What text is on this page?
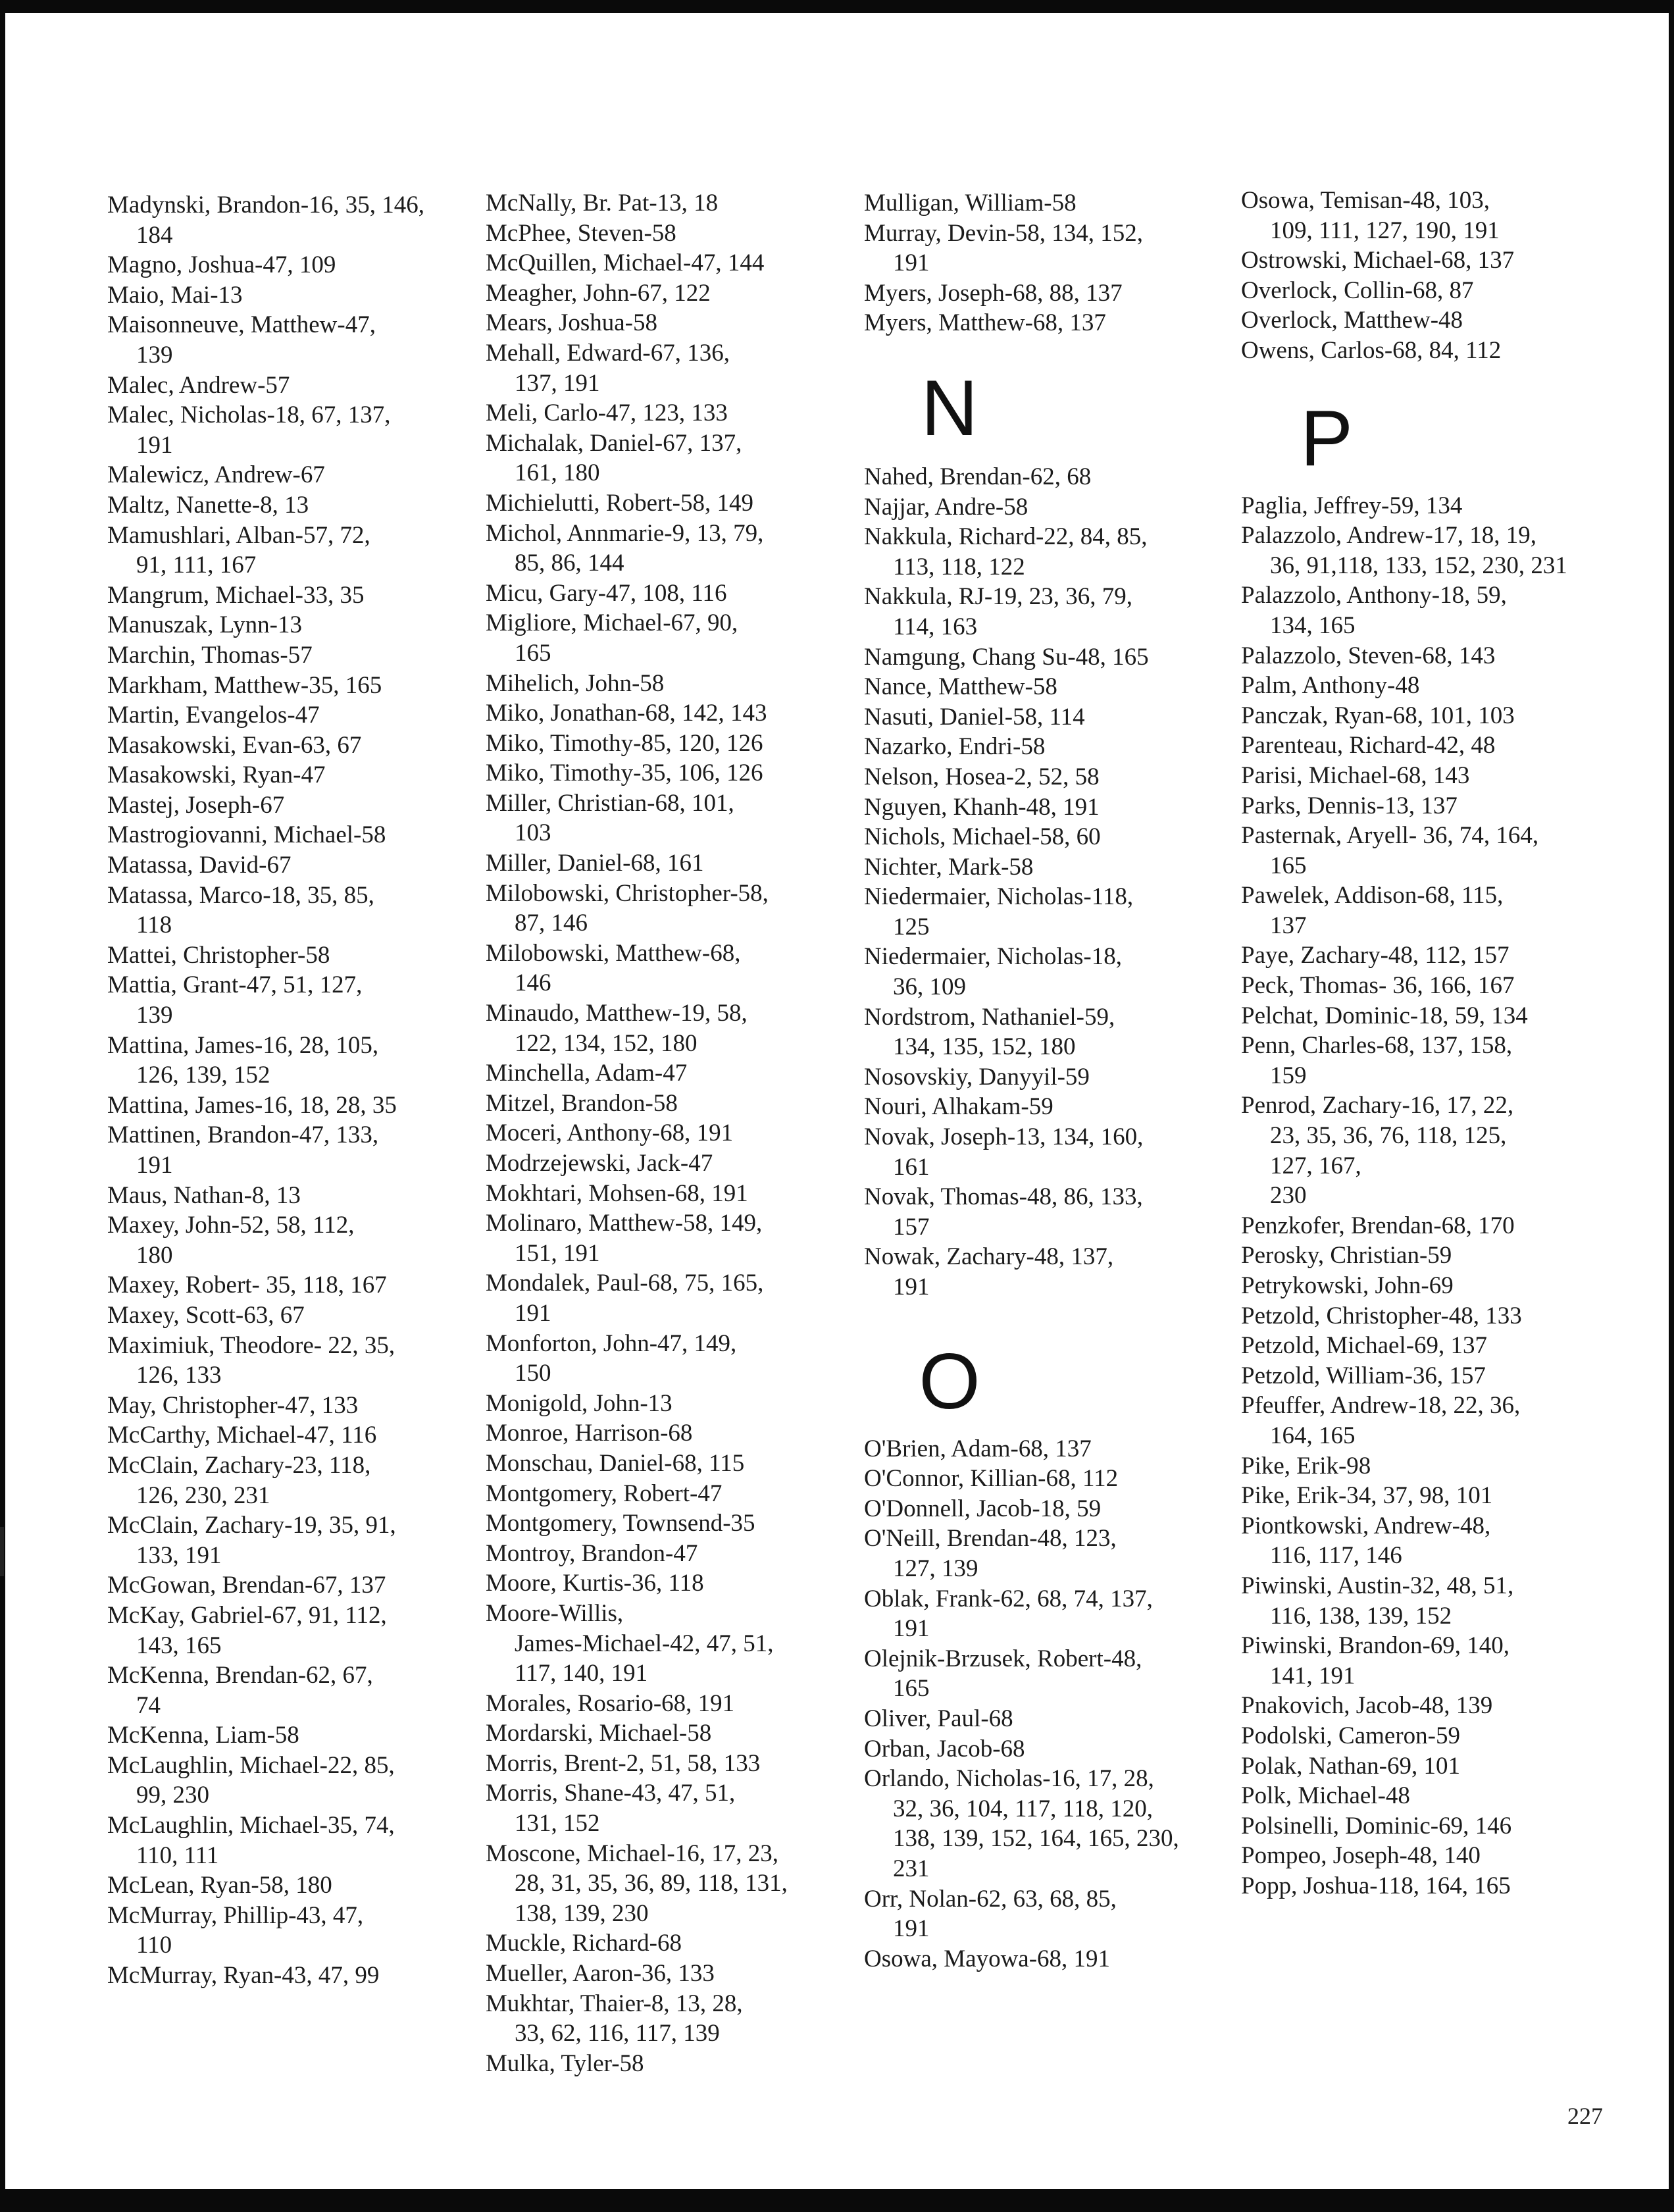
Madynski, Brandon-16, 35, 146,
184
Magno, Joshua-47, 109
Maio, Mai-13
Maisonneuve, Matthew-47,
139
Malec, Andrew-57
Malec, Nicholas-18, 67, 137,
191
Malewicz, Andrew-67
Maltz, Nanette-8, 13
Mamushlari, Alban-57, 72,
91, 111, 167
Mangrum, Michael-33, 35
Manuszak, Lynn-13
Marchin, Thomas-57
Markham, Matthew-35, 165
Martin, Evangelos-47
Masakowski, Evan-63, 67
Masakowski, Ryan-47
Mastej, Joseph-67
Mastrogiovanni, Michael-58
Matassa, David-67
Matassa, Marco-18, 35, 85,
118
Mattei, Christopher-58
Mattia, Grant-47, 51, 127,
139
Mattina, James-16, 28, 105,
126, 139, 152
Mattina, James-16, 18, 28, 35
Mattinen, Brandon-47, 133,
191
Maus, Nathan-8, 13
Maxey, John-52, 58, 112,
180
Maxey, Robert- 35, 118, 167
Maxey, Scott-63, 67
Maximiuk, Theodore- 22, 35,
126, 133
May, Christopher-47, 133
McCarthy, Michael-47, 116
McClain, Zachary-23, 118,
126, 230, 231
McClain, Zachary-19, 35, 91,
133, 191
McGowan, Brendan-67, 137
McKay, Gabriel-67, 91, 112,
143, 165
McKenna, Brendan-62, 67,
74
McKenna, Liam-58
McLaughlin, Michael-22, 85,
99, 230
McLaughlin, Michael-35, 74,
110, 111
McLean, Ryan-58, 180
McMurray, Phillip-43, 47,
110
McMurray, Ryan-43, 47, 99
McNally, Br. Pat-13, 18
McPhee, Steven-58
McQuillen, Michael-47, 144
Meagher, John-67, 122
Mears, Joshua-58
Mehall, Edward-67, 136,
137, 191
Meli, Carlo-47, 123, 133
Michalak, Daniel-67, 137,
161, 180
Michielutti, Robert-58, 149
Michol, Annmarie-9, 13, 79,
85, 86, 144
Micu, Gary-47, 108, 116
Migliore, Michael-67, 90,
165
Mihelich, John-58
Miko, Jonathan-68, 142, 143
Miko, Timothy-85, 120, 126
Miko, Timothy-35, 106, 126
Miller, Christian-68, 101,
103
Miller, Daniel-68, 161
Milobowski, Christopher-58,
87, 146
Milobowski, Matthew-68,
146
Minaudo, Matthew-19, 58,
122, 134, 152, 180
Minchella, Adam-47
Mitzel, Brandon-58
Moceri, Anthony-68, 191
Modrzejewski, Jack-47
Mokhtari, Mohsen-68, 191
Molinaro, Matthew-58, 149,
151, 191
Mondalek, Paul-68, 75, 165,
191
Monforton, John-47, 149,
150
Monigold, John-13
Monroe, Harrison-68
Monschau, Daniel-68, 115
Montgomery, Robert-47
Montgomery, Townsend-35
Montroy, Brandon-47
Moore, Kurtis-36, 118
Moore-Willis,
James-Michael-42, 47, 51,
117, 140, 191
Morales, Rosario-68, 191
Mordarski, Michael-58
Morris, Brent-2, 51, 58, 133
Morris, Shane-43, 47, 51,
131, 152
Moscone, Michael-16, 17, 23,
28, 31, 35, 36, 89, 118, 131,
138, 139, 230
Muckle, Richard-68
Mueller, Aaron-36, 133
Mukhtar, Thaier-8, 13, 28,
33, 62, 116, 117, 139
Mulka, Tyler-58
Mulligan, William-58
Murray, Devin-58, 134, 152,
191
Myers, Joseph-68, 88, 137
Myers, Matthew-68, 137
N
Nahed, Brendan-62, 68
Najjar, Andre-58
Nakkula, Richard-22, 84, 85,
113, 118, 122
Nakkula, RJ-19, 23, 36, 79,
114, 163
Namgung, Chang Su-48, 165
Nance, Matthew-58
Nasuti, Daniel-58, 114
Nazarko, Endri-58
Nelson, Hosea-2, 52, 58
Nguyen, Khanh-48, 191
Nichols, Michael-58, 60
Nichter, Mark-58
Niedermaier, Nicholas-118,
125
Niedermaier, Nicholas-18,
36, 109
Nordstrom, Nathaniel-59,
134, 135, 152, 180
Nosovskiy, Danyyil-59
Nouri, Alhakam-59
Novak, Joseph-13, 134, 160,
161
Novak, Thomas-48, 86, 133,
157
Nowak, Zachary-48, 137,
191
O
O'Brien, Adam-68, 137
O'Connor, Killian-68, 112
O'Donnell, Jacob-18, 59
O'Neill, Brendan-48, 123,
127, 139
Oblak, Frank-62, 68, 74, 137,
191
Olejnik-Brzusek, Robert-48,
165
Oliver, Paul-68
Orban, Jacob-68
Orlando, Nicholas-16, 17, 28,
32, 36, 104, 117, 118, 120,
138, 139, 152, 164, 165, 230,
231
Orr, Nolan-62, 63, 68, 85,
191
Osowa, Mayowa-68, 191
Osowa, Temisan-48, 103,
109, 111, 127, 190, 191
Ostrowski, Michael-68, 137
Overlock, Collin-68, 87
Overlock, Matthew-48
Owens, Carlos-68, 84, 112
P
Paglia, Jeffrey-59, 134
Palazzolo, Andrew-17, 18, 19,
36, 91,118, 133, 152, 230, 231
Palazzolo, Anthony-18, 59,
134, 165
Palazzolo, Steven-68, 143
Palm, Anthony-48
Panczak, Ryan-68, 101, 103
Parenteau, Richard-42, 48
Parisi, Michael-68, 143
Parks, Dennis-13, 137
Pasternak, Aryell- 36, 74, 164,
165
Pawelek, Addison-68, 115,
137
Paye, Zachary-48, 112, 157
Peck, Thomas- 36, 166, 167
Pelchat, Dominic-18, 59, 134
Penn, Charles-68, 137, 158,
159
Penrod, Zachary-16, 17, 22,
23, 35, 36, 76, 118, 125,
127, 167,
230
Penzkofer, Brendan-68, 170
Perosky, Christian-59
Petrykowski, John-69
Petzold, Christopher-48, 133
Petzold, Michael-69, 137
Petzold, William-36, 157
Pfeuffer, Andrew-18, 22, 36,
164, 165
Pike, Erik-98
Pike, Erik-34, 37, 98, 101
Piontkowski, Andrew-48,
116, 117, 146
Piwinski, Austin-32, 48, 51,
116, 138, 139, 152
Piwinski, Brandon-69, 140,
141, 191
Pnakovich, Jacob-48, 139
Podolski, Cameron-59
Polak, Nathan-69, 101
Polk, Michael-48
Polsinelli, Dominic-69, 146
Pompeo, Joseph-48, 140
Popp, Joshua-118, 164, 165
227
